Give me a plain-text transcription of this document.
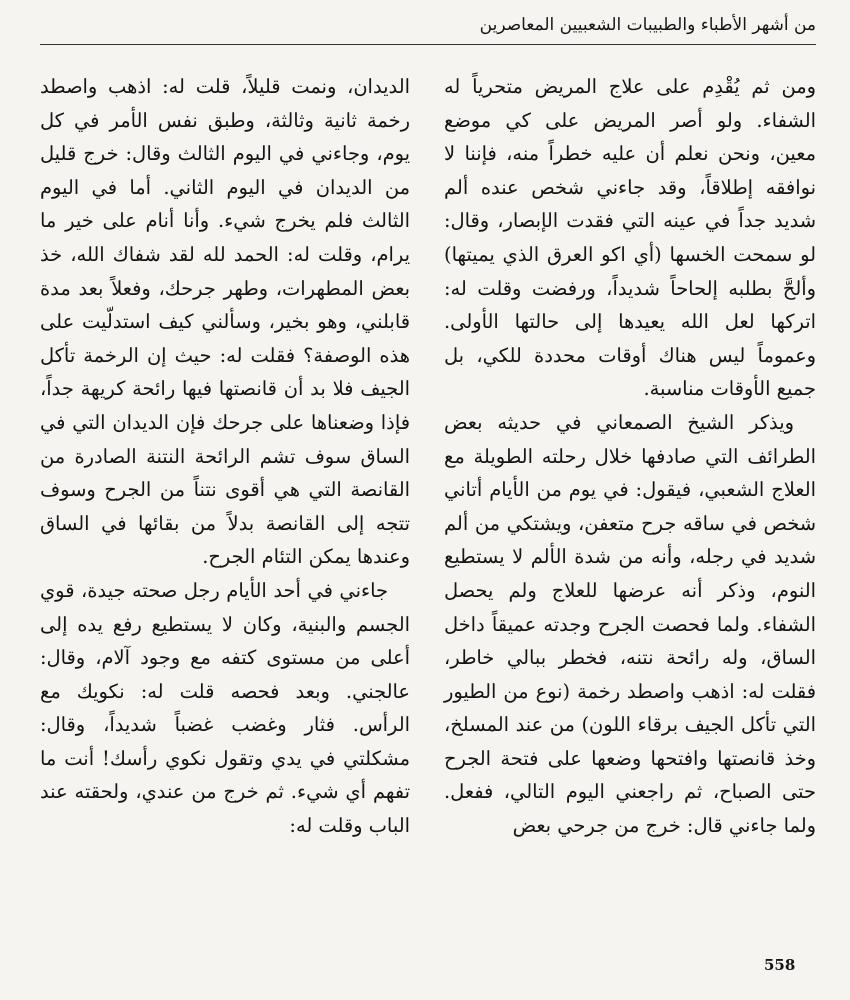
من أشهر الأطباء والطبيبات الشعبيين المعاصرين

ومن ثم يُقْدِم على علاج المريض متحرياً له الشفاء. ولو أصر المريض على كي موضع معين، ونحن نعلم أن عليه خطراً منه، فإننا لا نوافقه إطلاقاً، وقد جاءني شخص عنده ألم شديد جداً في عينه التي فقدت الإبصار، وقال: لو سمحت الخسها (أي اكو العرق الذي يميتها) وألحَّ بطلبه إلحاحاً شديداً، ورفضت وقلت له: اتركها لعل الله يعيدها إلى حالتها الأولى. وعموماً ليس هناك أوقات محددة للكي، بل جميع الأوقات مناسبة.

ويذكر الشيخ الصمعاني في حديثه بعض الطرائف التي صادفها خلال رحلته الطويلة مع العلاج الشعبي، فيقول: في يوم من الأيام أتاني شخص في ساقه جرح متعفن، ويشتكي من ألم شديد في رجله، وأنه من شدة الألم لا يستطيع النوم، وذكر أنه عرضها للعلاج ولم يحصل الشفاء. ولما فحصت الجرح وجدته عميقاً داخل الساق، وله رائحة نتنه، فخطر ببالي خاطر، فقلت له: اذهب واصطد رخمة (نوع من الطيور التي تأكل الجيف برقاء اللون) من عند المسلخ، وخذ قانصتها وافتحها وضعها على فتحة الجرح حتى الصباح، ثم راجعني اليوم التالي، ففعل. ولما جاءني قال: خرج من جرحي بعض

الديدان، ونمت قليلاً، قلت له: اذهب واصطد رخمة ثانية وثالثة، وطبق نفس الأمر في كل يوم، وجاءني في اليوم الثالث وقال: خرج قليل من الديدان في اليوم الثاني. أما في اليوم الثالث فلم يخرج شيء. وأنا أنام على خير ما يرام، وقلت له: الحمد لله لقد شفاك الله، خذ بعض المطهرات، وطهر جرحك، وفعلاً بعد مدة قابلني، وهو بخير، وسألني كيف استدلّيت على هذه الوصفة؟ فقلت له: حيث إن الرخمة تأكل الجيف فلا بد أن قانصتها فيها رائحة كريهة جداً، فإذا وضعناها على جرحك فإن الديدان التي في الساق سوف تشم الرائحة النتنة الصادرة من القانصة التي هي أقوى نتناً من الجرح وسوف تتجه إلى القانصة بدلاً من بقائها في الساق وعندها يمكن التئام الجرح.

جاءني في أحد الأيام رجل صحته جيدة، قوي الجسم والبنية، وكان لا يستطيع رفع يده إلى أعلى من مستوى كتفه مع وجود آلام، وقال: عالجني. وبعد فحصه قلت له: نكويك مع الرأس. فثار وغضب غضباً شديداً، وقال: مشكلتي في يدي وتقول نكوي رأسك! أنت ما تفهم أي شيء. ثم خرج من عندي، ولحقته عند الباب وقلت له:

558
